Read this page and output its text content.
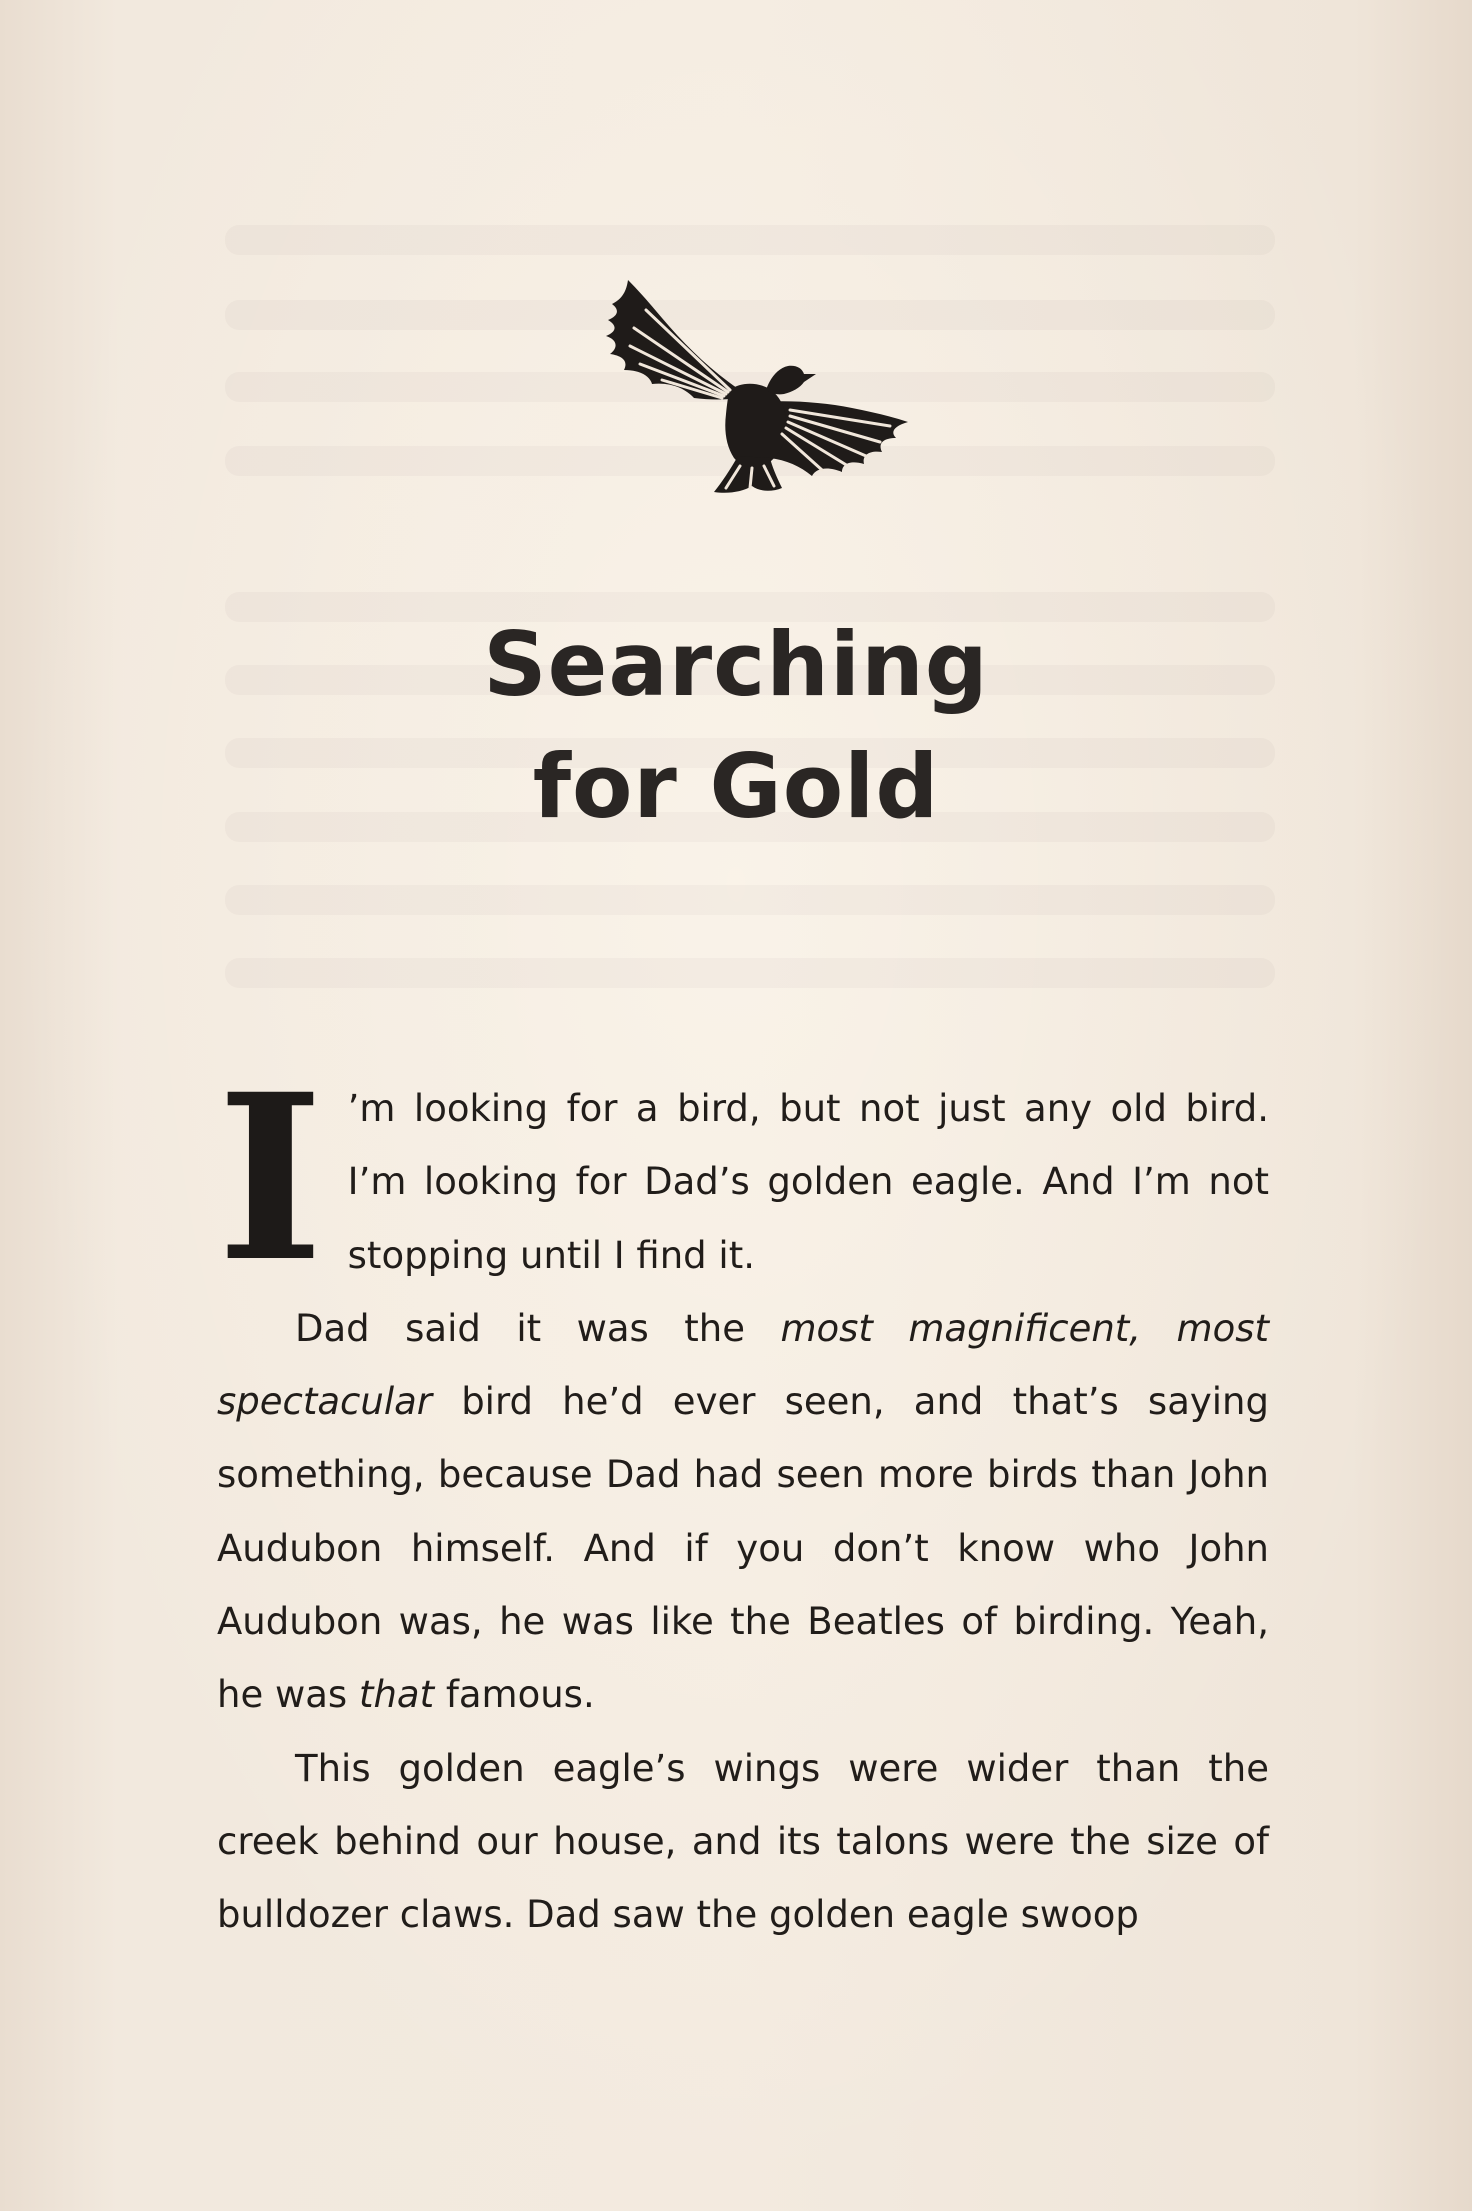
Searching
for Gold

I ’m looking for a bird, but not just any old bird. I’m looking for Dad’s golden eagle. And I’m not stopping until I find it.

Dad said it was the most magnificent, most spectacular bird he’d ever seen, and that’s saying something, because Dad had seen more birds than John Audubon himself. And if you don’t know who John Audubon was, he was like the Beatles of birding. Yeah, he was that famous.

This golden eagle’s wings were wider than the creek behind our house, and its talons were the size of bulldozer claws. Dad saw the golden eagle swoop
